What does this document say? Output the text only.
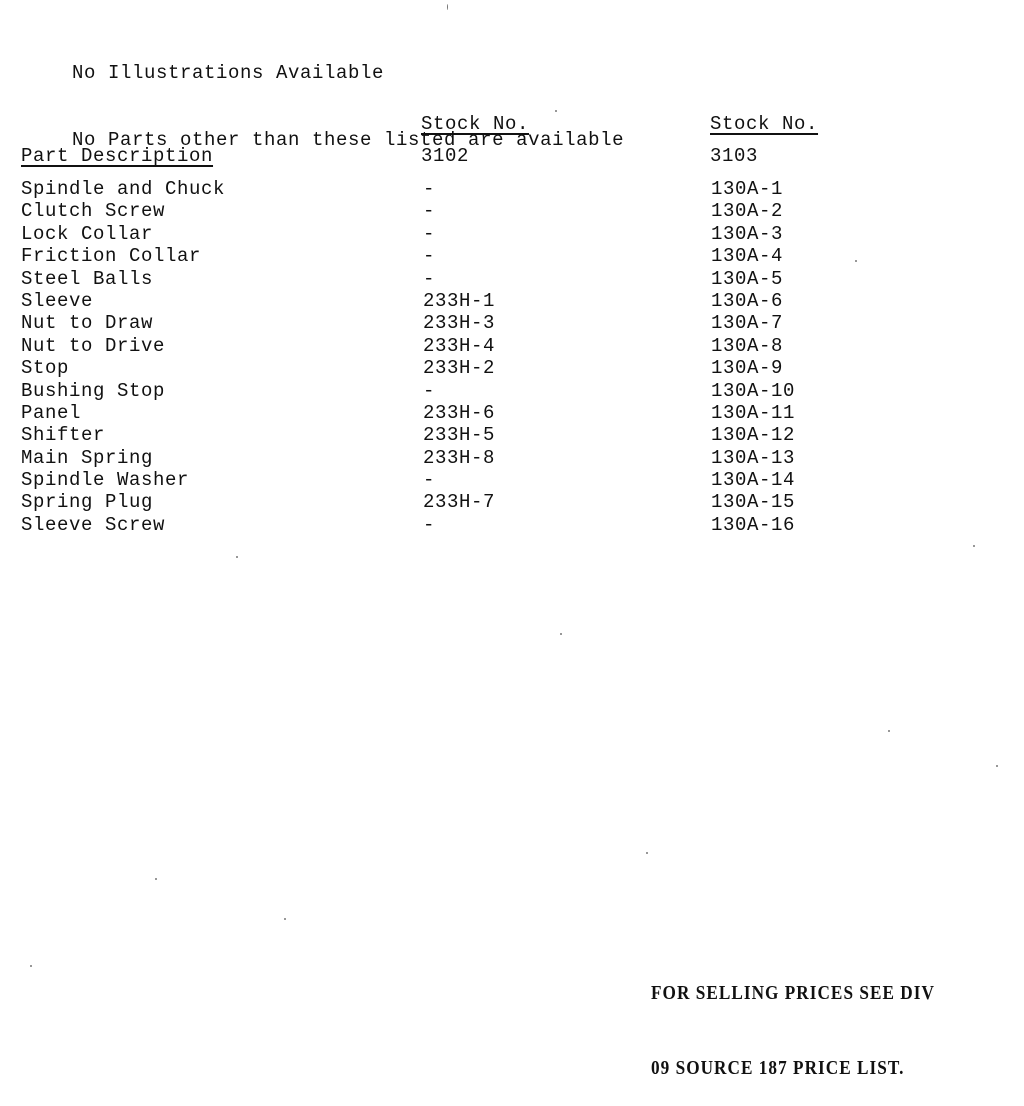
No Illustrations Available

No Parts other than these listed are available

Stock No.	Stock No.
Part Description	3102	3103
Spindle and Chuck	-	130A-1
Clutch Screw	-	130A-2
Lock Collar	-	130A-3
Friction Collar	-	130A-4
Steel Balls	-	130A-5
Sleeve	233H-1	130A-6
Nut to Draw	233H-3	130A-7
Nut to Drive	233H-4	130A-8
Stop	233H-2	130A-9
Bushing Stop	-	130A-10
Panel	233H-6	130A-11
Shifter	233H-5	130A-12
Main Spring	233H-8	130A-13
Spindle Washer	-	130A-14
Spring Plug	233H-7	130A-15
Sleeve Screw	-	130A-16

FOR SELLING PRICES SEE DIV

09 SOURCE 187 PRICE LIST.
